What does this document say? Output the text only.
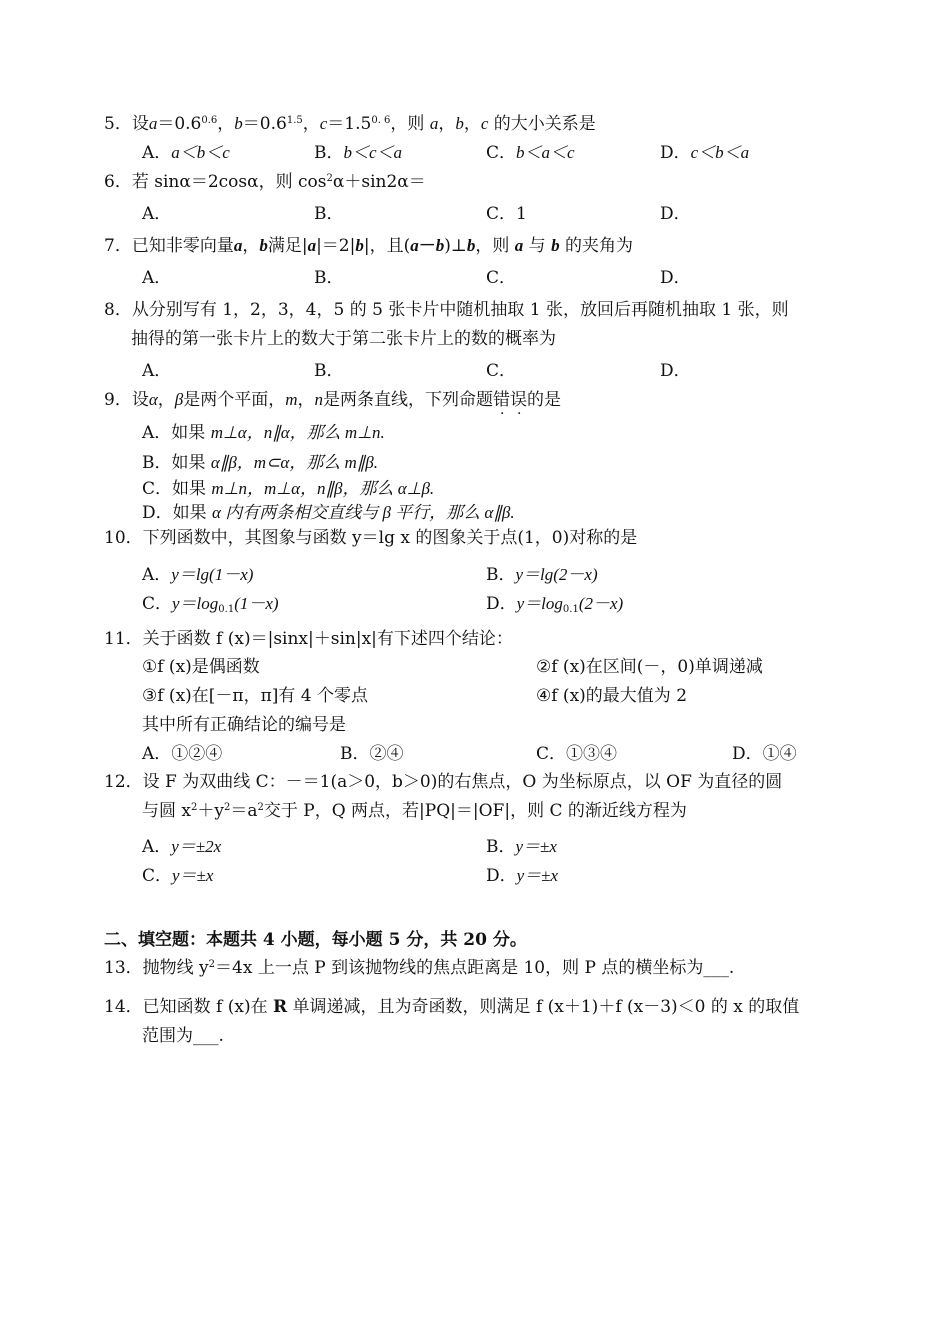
5．设$a=0.6^{0.6}$，$b=0.6^{1.5}$，$c=1.5^{0. 6}$，则 a，b，c 的大小关系是
A．a＜b＜c	B．b＜c＜a	C．b＜a＜c	D．c＜b＜a
6．若 sinα＝2cosα，则 $\cos^2\alpha+\sin 2\alpha=$
A．	B．	C．1	D．
7．已知非零向量a，b满足|a|＝2|b|，且(a－b)⊥b，则 a 与 b 的夹角为
A．	B．	C．	D．
8．从分别写有 1，2，3，4，5 的 5 张卡片中随机抽取 1 张，放回后再随机抽取 1 张，则
抽得的第一张卡片上的数大于第二张卡片上的数的概率为
A．	B．	C．	D．
9．设α，β是两个平面，m，n是两条直线，下列命题错误的是
A．如果 m⊥α，n∥α，那么 m⊥n.
B．如果 α∥β，m⊂α，那么 m∥β.
C．如果 m⊥n，m⊥α，n∥β，那么 α⊥β.
D．如果 α 内有两条相交直线与 β 平行，那么 α∥β.
10．下列函数中，其图象与函数 y＝lg x 的图象关于点(1，0)对称的是
A．y＝lg(1－x)	B．y＝lg(2－x)
C．$y=\log_{0.1}(1-x)$	D．$y=\log_{0.1}(2-x)$
11．关于函数 f (x)＝|sinx|＋sin|x|有下述四个结论：
①f (x)是偶函数	②f (x)在区间(－，0)单调递减
③f (x)在[－π，π]有 4 个零点	④f (x)的最大值为 2
其中所有正确结论的编号是
A．①②④	B．②④	C．①③④	D．①④
12．设 F 为双曲线 C：－＝1(a＞0，b＞0)的右焦点，O 为坐标原点，以 OF 为直径的圆
与圆 $x^2+y^2=a^2$交于 P，Q 两点，若|PQ|＝|OF|，则 C 的渐近线方程为
A．y＝±2x	B．y＝±x
C．y＝±x	D．y＝±x
二、填空题：本题共 4 小题，每小题 5 分，共 20 分。
13．抛物线 $y^2=4x$ 上一点 P 到该抛物线的焦点距离是 10，则 P 点的横坐标为___.
14．已知函数 f (x)在 R 单调递减，且为奇函数，则满足 f (x＋1)＋f (x－3)＜0 的 x 的取值
范围为___.
